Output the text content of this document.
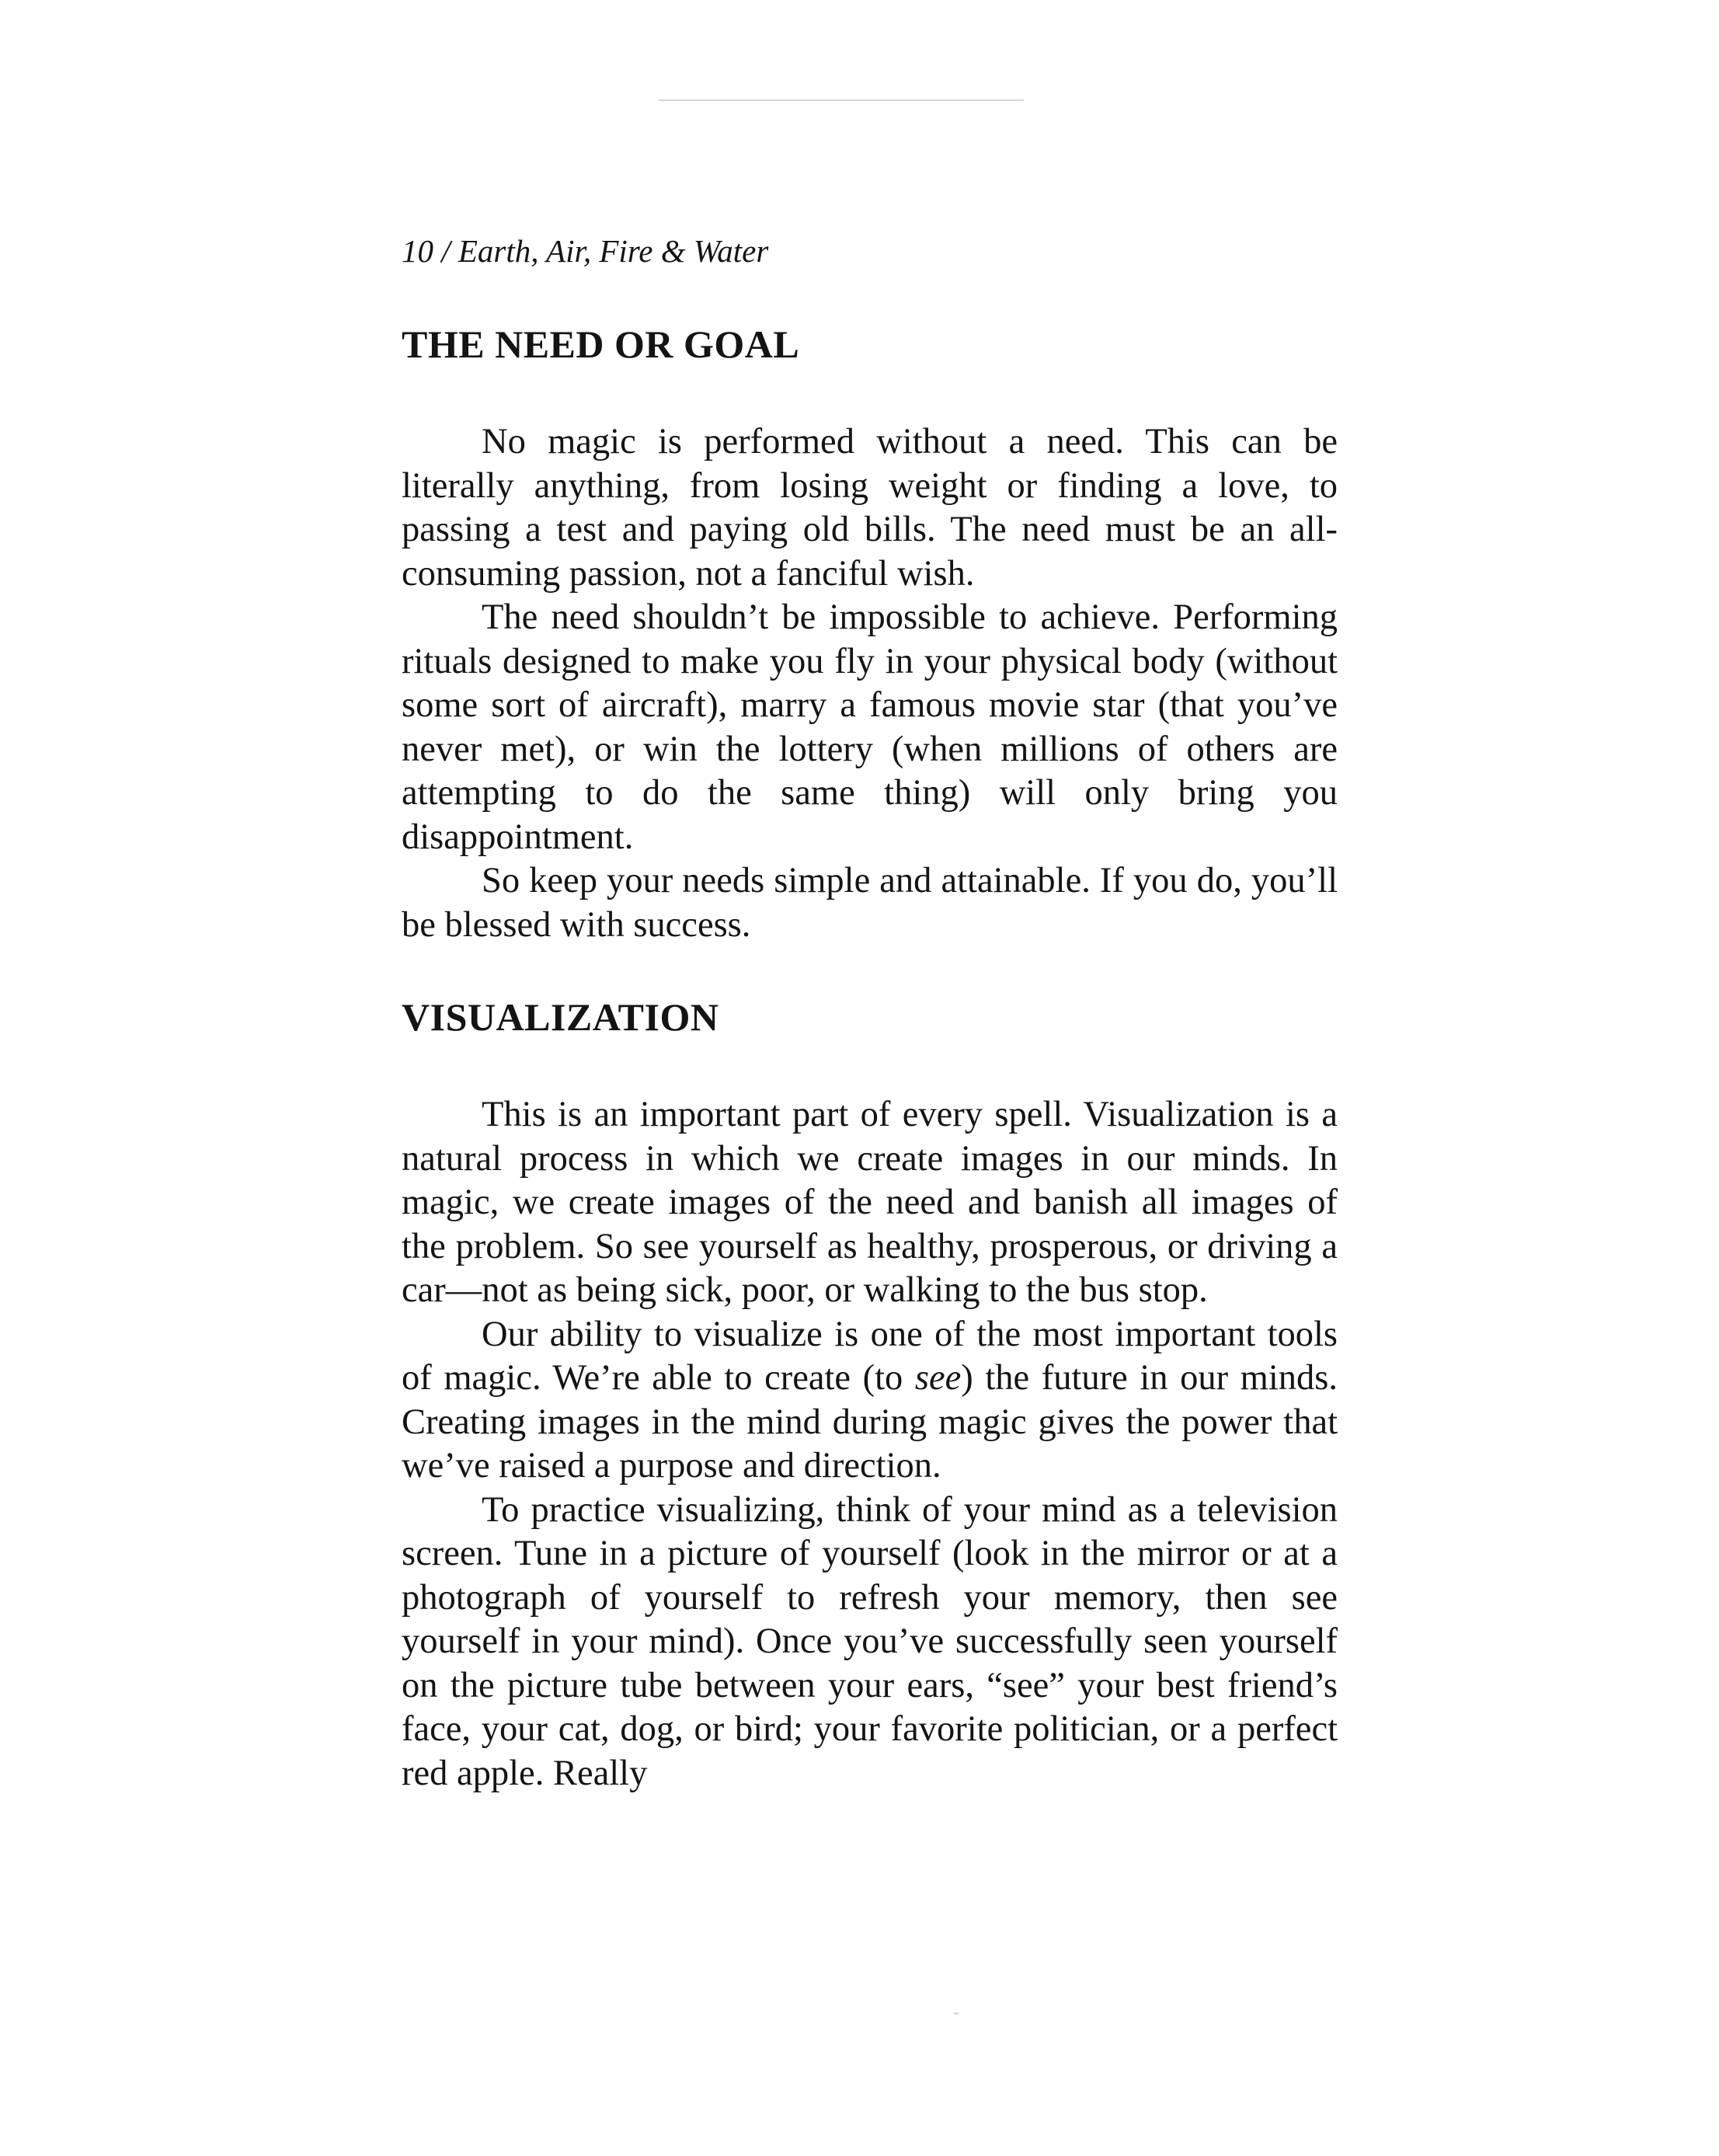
10 / Earth, Air, Fire & Water
THE NEED OR GOAL

No magic is performed without a need. This can be literally anything, from losing weight or finding a love, to passing a test and paying old bills. The need must be an all-consuming passion, not a fanciful wish.

The need shouldn’t be impossible to achieve. Performing rituals designed to make you fly in your physical body (without some sort of aircraft), marry a famous movie star (that you’ve never met), or win the lottery (when millions of others are attempting to do the same thing) will only bring you disappointment.

So keep your needs simple and attainable. If you do, you’ll be blessed with success.

VISUALIZATION

This is an important part of every spell. Visualization is a natural process in which we create images in our minds. In magic, we create images of the need and banish all images of the problem. So see yourself as healthy, prosperous, or driving a car—not as being sick, poor, or walking to the bus stop.

Our ability to visualize is one of the most important tools of magic. We’re able to create (to see) the future in our minds. Creating images in the mind during magic gives the power that we’ve raised a purpose and direction.

To practice visualizing, think of your mind as a television screen. Tune in a picture of yourself (look in the mirror or at a photograph of yourself to refresh your memory, then see yourself in your mind). Once you’ve successfully seen yourself on the picture tube between your ears, “see” your best friend’s face, your cat, dog, or bird; your favorite politician, or a perfect red apple. Really
